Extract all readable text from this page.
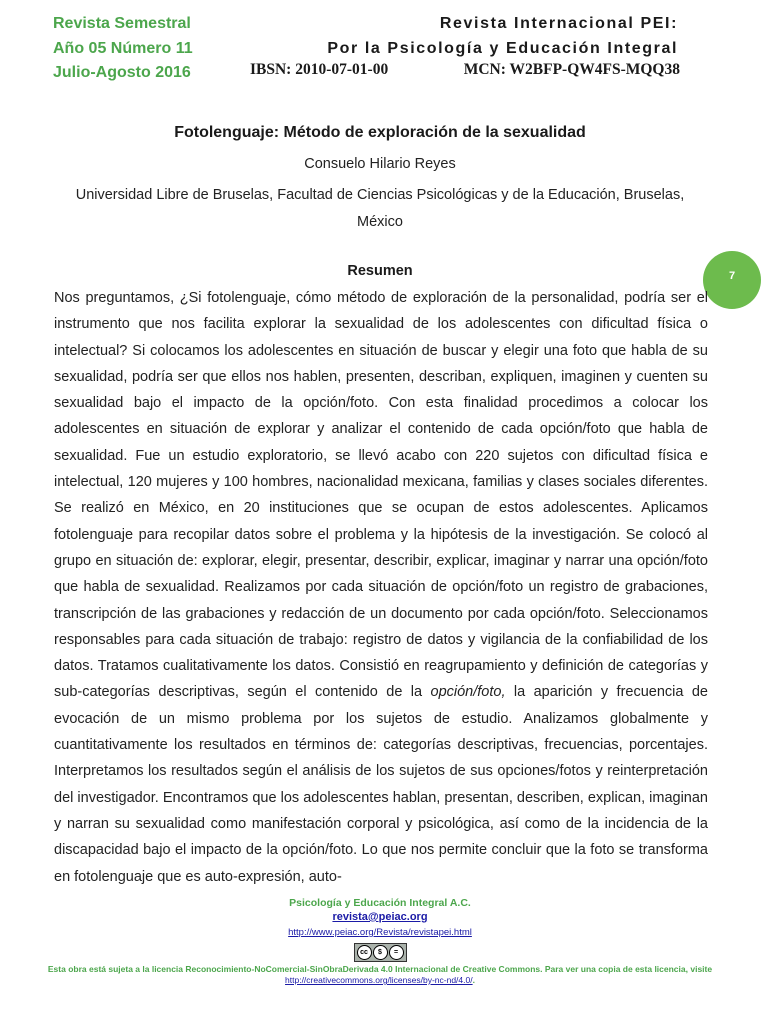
Revista Semestral
Año 05 Número 11
Julio-Agosto 2016
Revista Internacional PEI:
Por la Psicología y Educación Integral
IBSN: 2010-07-01-00	MCN: W2BFP-QW4FS-MQQ38
Fotolenguaje: Método de exploración de la sexualidad
Consuelo Hilario Reyes
Universidad Libre de Bruselas, Facultad de Ciencias Psicológicas y de la Educación, Bruselas, México
7
Resumen
Nos preguntamos, ¿Si fotolenguaje, cómo método de exploración de la personalidad, podría ser el instrumento que nos facilita explorar la sexualidad de los adolescentes con dificultad física o intelectual? Si colocamos los adolescentes en situación de buscar y elegir una foto que habla de su sexualidad, podría ser que ellos nos hablen, presenten, describan, expliquen, imaginen y cuenten su sexualidad bajo el impacto de la opción/foto. Con esta finalidad procedimos a colocar los adolescentes en situación de explorar y analizar el contenido de cada opción/foto que habla de sexualidad. Fue un estudio exploratorio, se llevó acabo con 220 sujetos con dificultad física e intelectual, 120 mujeres y 100 hombres, nacionalidad mexicana, familias y clases sociales diferentes. Se realizó en México, en 20 instituciones que se ocupan de estos adolescentes. Aplicamos fotolenguaje para recopilar datos sobre el problema y la hipótesis de la investigación. Se colocó al grupo en situación de: explorar, elegir, presentar, describir, explicar, imaginar y narrar una opción/foto que habla de sexualidad. Realizamos por cada situación de opción/foto un registro de grabaciones, transcripción de las grabaciones y redacción de un documento por cada opción/foto. Seleccionamos responsables para cada situación de trabajo: registro de datos y vigilancia de la confiabilidad de los datos. Tratamos cualitativamente los datos. Consistió en reagrupamiento y definición de categorías y sub-categorías descriptivas, según el contenido de la opción/foto, la aparición y frecuencia de evocación de un mismo problema por los sujetos de estudio. Analizamos globalmente y cuantitativamente los resultados en términos de: categorías descriptivas, frecuencias, porcentajes. Interpretamos los resultados según el análisis de los sujetos de sus opciones/fotos y reinterpretación del investigador. Encontramos que los adolescentes hablan, presentan, describen, explican, imaginan y narran su sexualidad como manifestación corporal y psicológica, así como de la incidencia de la discapacidad bajo el impacto de la opción/foto. Lo que nos permite concluir que la foto se transforma en fotolenguaje que es auto-expresión, auto-
Psicología y Educación Integral A.C.
revista@peiac.org
http://www.peiac.org/Revista/revistapei.html
cc	$	=
Esta obra está sujeta a la licencia Reconocimiento-NoComercial-SinObraDerivada 4.0 Internacional de Creative Commons. Para ver una copia de esta licencia, visite http://creativecommons.org/licenses/by-nc-nd/4.0/.
